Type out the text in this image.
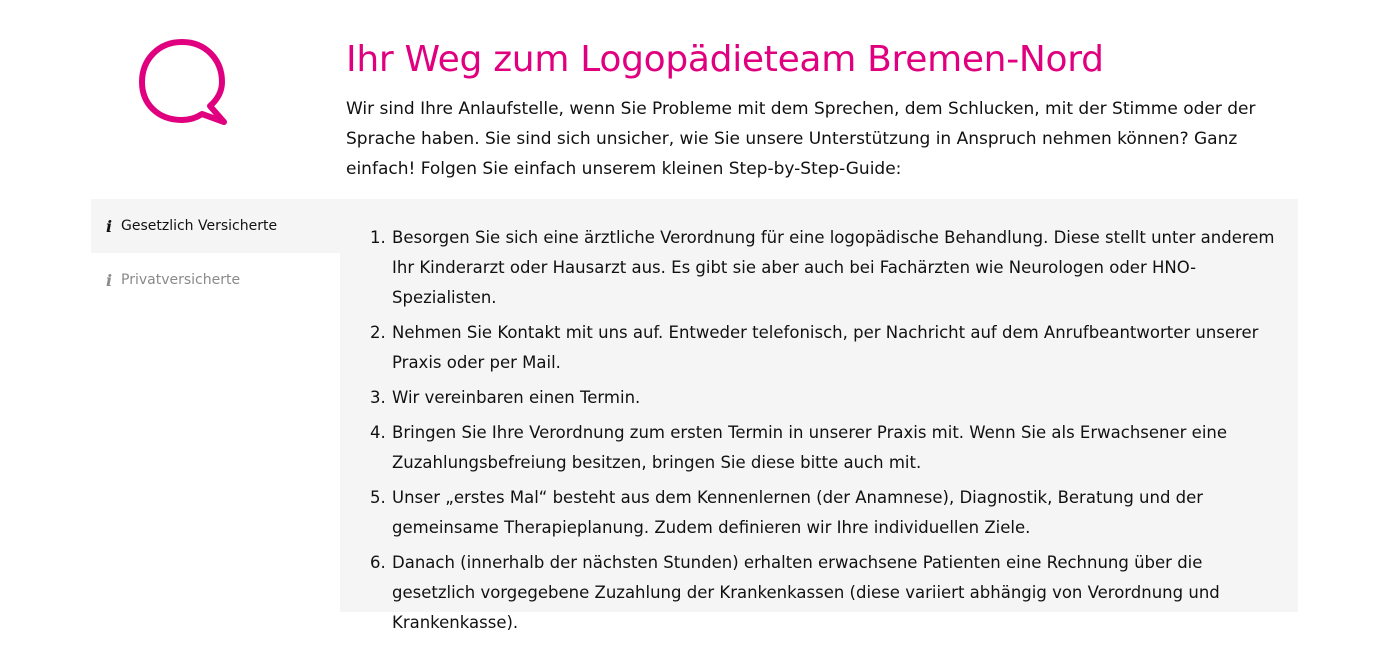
Ihr Weg zum Logopädieteam Bremen-Nord

Wir sind Ihre Anlaufstelle, wenn Sie Probleme mit dem Sprechen, dem Schlucken, mit der Stimme oder der Sprache haben. Sie sind sich unsicher, wie Sie unsere Unterstützung in Anspruch nehmen können? Ganz einfach! Folgen Sie einfach unserem kleinen Step-by-Step-Guide:

i Gesetzlich Versicherte
i Privatversicherte
1. Besorgen Sie sich eine ärztliche Verordnung für eine logopädische Behandlung. Diese stellt unter anderem Ihr Kinderarzt oder Hausarzt aus. Es gibt sie aber auch bei Fachärzten wie Neurologen oder HNO-Spezialisten.
2. Nehmen Sie Kontakt mit uns auf. Entweder telefonisch, per Nachricht auf dem Anrufbeantworter unserer Praxis oder per Mail.
3. Wir vereinbaren einen Termin.
4. Bringen Sie Ihre Verordnung zum ersten Termin in unserer Praxis mit. Wenn Sie als Erwachsener eine Zuzahlungsbefreiung besitzen, bringen Sie diese bitte auch mit.
5. Unser „erstes Mal“ besteht aus dem Kennenlernen (der Anamnese), Diagnostik, Beratung und der gemeinsame Therapieplanung. Zudem definieren wir Ihre individuellen Ziele.
6. Danach (innerhalb der nächsten Stunden) erhalten erwachsene Patienten eine Rechnung über die gesetzlich vorgegebene Zuzahlung der Krankenkassen (diese variiert abhängig von Verordnung und Krankenkasse).
